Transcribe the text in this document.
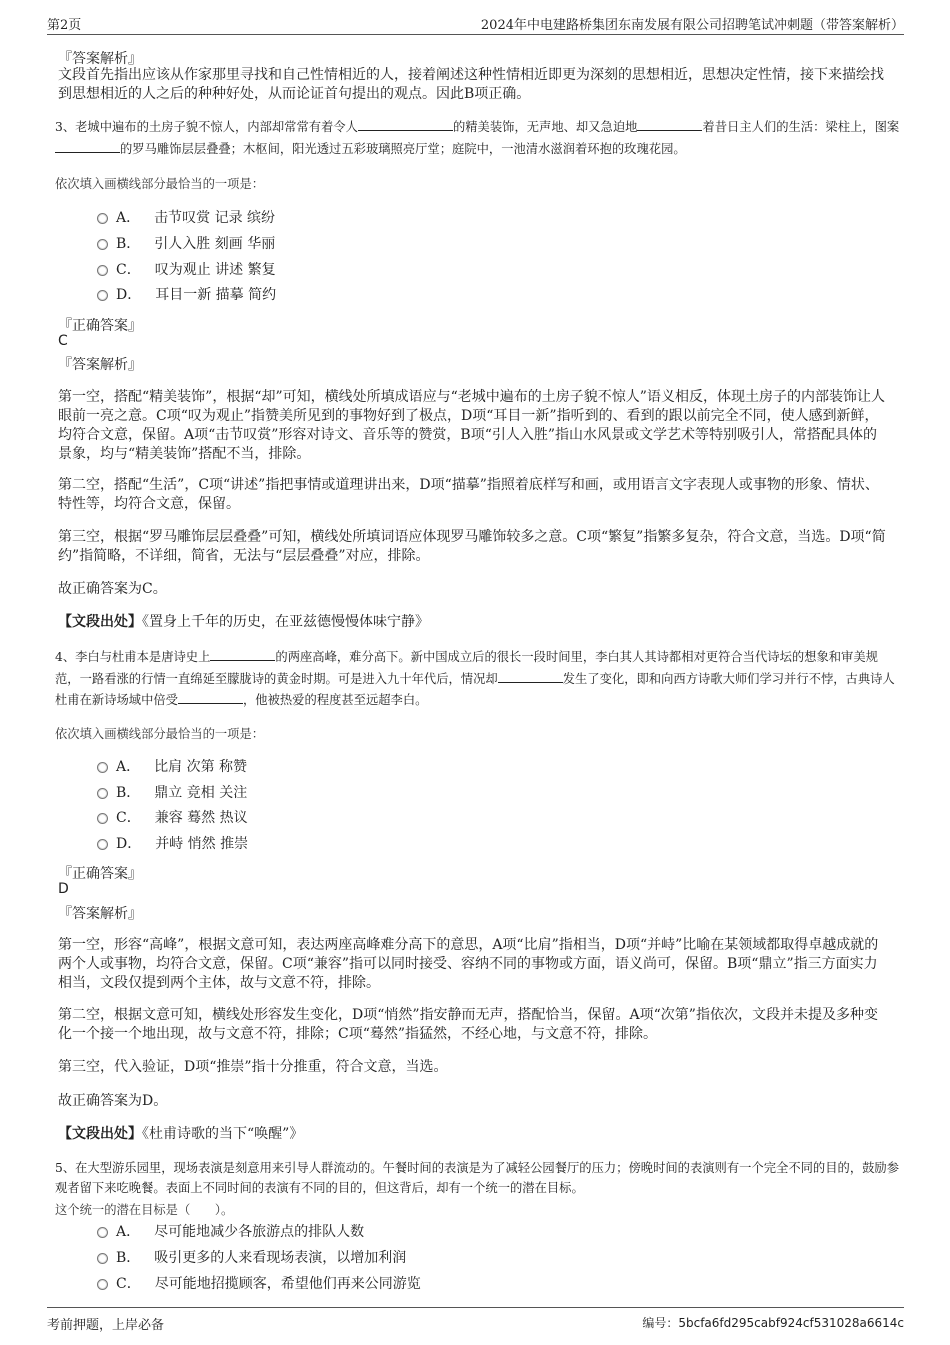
第2页	2024年中电建路桥集团东南发展有限公司招聘笔试冲刺题（带答案解析）
『答案解析』
文段首先指出应该从作家那里寻找和自己性情相近的人，接着阐述这种性情相近即更为深刻的思想相近，思想决定性情，接下来描绘找到思想相近的人之后的种种好处，从而论证首句提出的观点。因此B项正确。
3、老城中遍布的土房子貌不惊人，内部却常常有着令人	的精美装饰，无声地、却又急迫地	着昔日主人们的生活：梁柱上，图案的罗马雕饰层层叠叠；木枢间，阳光透过五彩玻璃照亮厅堂；庭院中，一池清水滋润着环抱的玫瑰花园。
依次填入画横线部分最恰当的一项是：
A． 击节叹赏 记录 缤纷
B． 引人入胜 刻画 华丽
C． 叹为观止 讲述 繁复
D． 耳目一新 描摹 简约
『正确答案』
C
『答案解析』
第一空，搭配“精美装饰”，根据“却”可知，横线处所填成语应与“老城中遍布的土房子貌不惊人”语义相反，体现土房子的内部装饰让人眼前一亮之意。C项“叹为观止”指赞美所见到的事物好到了极点，D项“耳目一新”指听到的、看到的跟以前完全不同，使人感到新鲜，均符合文意，保留。A项“击节叹赏”形容对诗文、音乐等的赞赏，B项“引人入胜”指山水风景或文学艺术等特别吸引人，常搭配具体的景象，均与“精美装饰”搭配不当，排除。
第二空，搭配“生活”，C项“讲述”指把事情或道理讲出来，D项“描摹”指照着底样写和画，或用语言文字表现人或事物的形象、情状、特性等，均符合文意，保留。
第三空，根据“罗马雕饰层层叠叠”可知，横线处所填词语应体现罗马雕饰较多之意。C项“繁复”指繁多复杂，符合文意，当选。D项“简约”指简略，不详细，简省，无法与“层层叠叠”对应，排除。
故正确答案为C。
【文段出处】《置身上千年的历史，在亚兹德慢慢体味宁静》
4、李白与杜甫本是唐诗史上	的两座高峰，难分高下。新中国成立后的很长一段时间里，李白其人其诗都相对更符合当代诗坛的想象和审美规范，一路看涨的行情一直绵延至朦胧诗的黄金时期。可是进入九十年代后，情况却	发生了变化，即和向西方诗歌大师们学习并行不悖，古典诗人杜甫在新诗场域中倍受	，他被热爱的程度甚至远超李白。
依次填入画横线部分最恰当的一项是：
A． 比肩 次第 称赞
B． 鼎立 竞相 关注
C． 兼容 蓦然 热议
D． 并峙 悄然 推崇
『正确答案』
D
『答案解析』
第一空，形容“高峰”，根据文意可知，表达两座高峰难分高下的意思，A项“比肩”指相当，D项“并峙”比喻在某领域都取得卓越成就的两个人或事物，均符合文意，保留。C项“兼容”指可以同时接受、容纳不同的事物或方面，语义尚可，保留。B项“鼎立”指三方面实力相当，文段仅提到两个主体，故与文意不符，排除。
第二空，根据文意可知，横线处形容发生变化，D项“悄然”指安静而无声，搭配恰当，保留。A项“次第”指依次，文段并未提及多种变化一个接一个地出现，故与文意不符，排除；C项“蓦然”指猛然，不经心地，与文意不符，排除。
第三空，代入验证，D项“推崇”指十分推重，符合文意，当选。
故正确答案为D。
【文段出处】《杜甫诗歌的当下“唤醒”》
5、在大型游乐园里，现场表演是刻意用来引导人群流动的。午餐时间的表演是为了减轻公园餐厅的压力；傍晚时间的表演则有一个完全不同的目的，鼓励参观者留下来吃晚餐。表面上不同时间的表演有不同的目的，但这背后，却有一个统一的潜在目标。
这个统一的潜在目标是（　　）。
A． 尽可能地减少各旅游点的排队人数
B． 吸引更多的人来看现场表演，以增加利润
C． 尽可能地招揽顾客，希望他们再来公同游览
考前押题，上岸必备	编号：5bcfa6fd295cabf924cf531028a6614c
